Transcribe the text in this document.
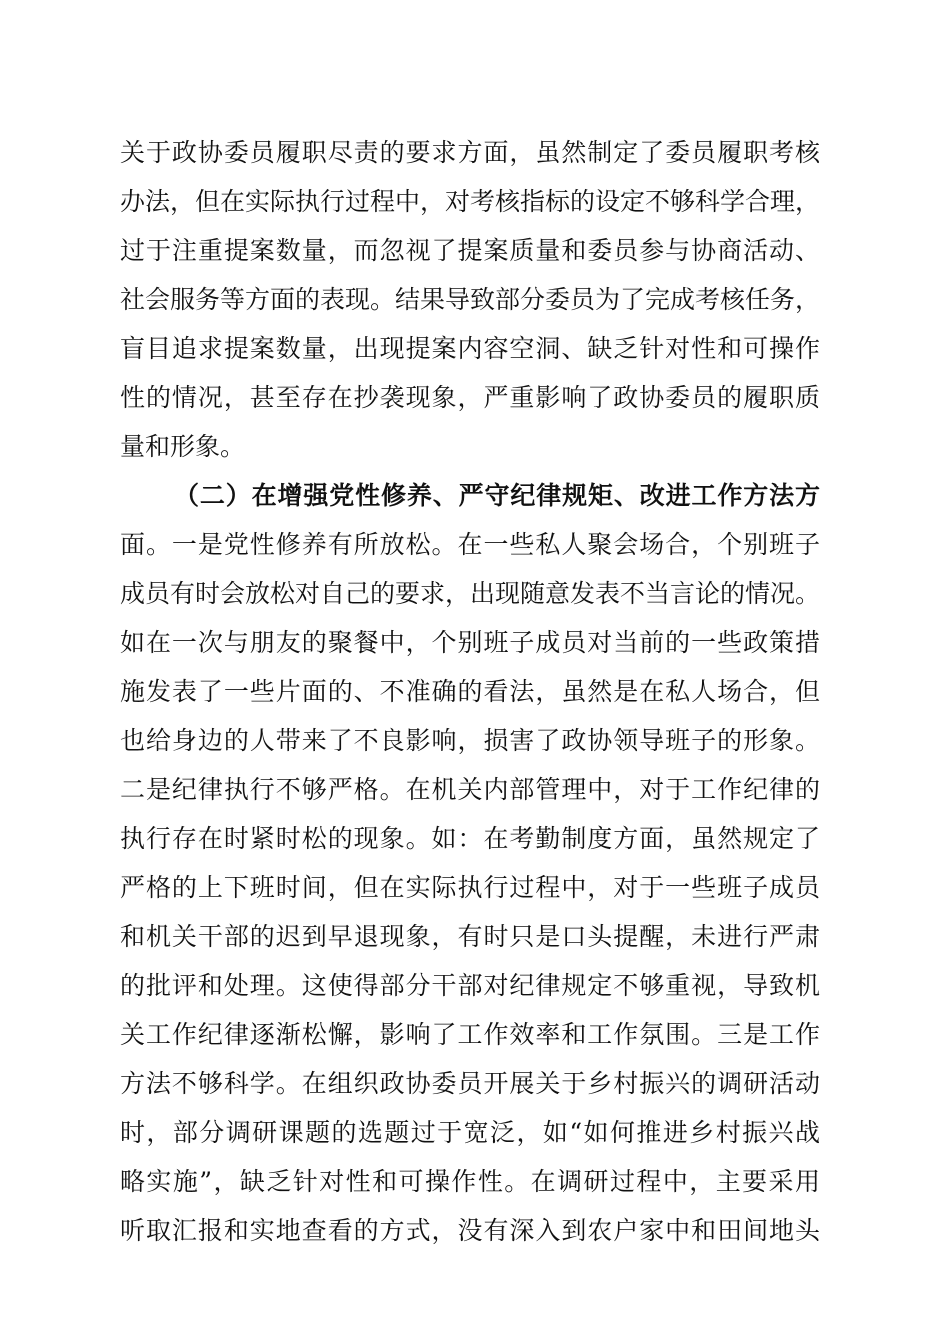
关于政协委员履职尽责的要求方面，虽然制定了委员履职考核
办法，但在实际执行过程中，对考核指标的设定不够科学合理，
过于注重提案数量，而忽视了提案质量和委员参与协商活动、
社会服务等方面的表现。结果导致部分委员为了完成考核任务，
盲目追求提案数量，出现提案内容空洞、缺乏针对性和可操作
性的情况，甚至存在抄袭现象，严重影响了政协委员的履职质
量和形象。
（二）在增强党性修养、严守纪律规矩、改进工作方法方
面。一是党性修养有所放松。在一些私人聚会场合，个别班子
成员有时会放松对自己的要求，出现随意发表不当言论的情况。
如在一次与朋友的聚餐中，个别班子成员对当前的一些政策措
施发表了一些片面的、不准确的看法，虽然是在私人场合，但
也给身边的人带来了不良影响，损害了政协领导班子的形象。
二是纪律执行不够严格。在机关内部管理中，对于工作纪律的
执行存在时紧时松的现象。如：在考勤制度方面，虽然规定了
严格的上下班时间，但在实际执行过程中，对于一些班子成员
和机关干部的迟到早退现象，有时只是口头提醒，未进行严肃
的批评和处理。这使得部分干部对纪律规定不够重视，导致机
关工作纪律逐渐松懈，影响了工作效率和工作氛围。三是工作
方法不够科学。在组织政协委员开展关于乡村振兴的调研活动
时，部分调研课题的选题过于宽泛，如“如何推进乡村振兴战
略实施”，缺乏针对性和可操作性。在调研过程中，主要采用
听取汇报和实地查看的方式，没有深入到农户家中和田间地头
